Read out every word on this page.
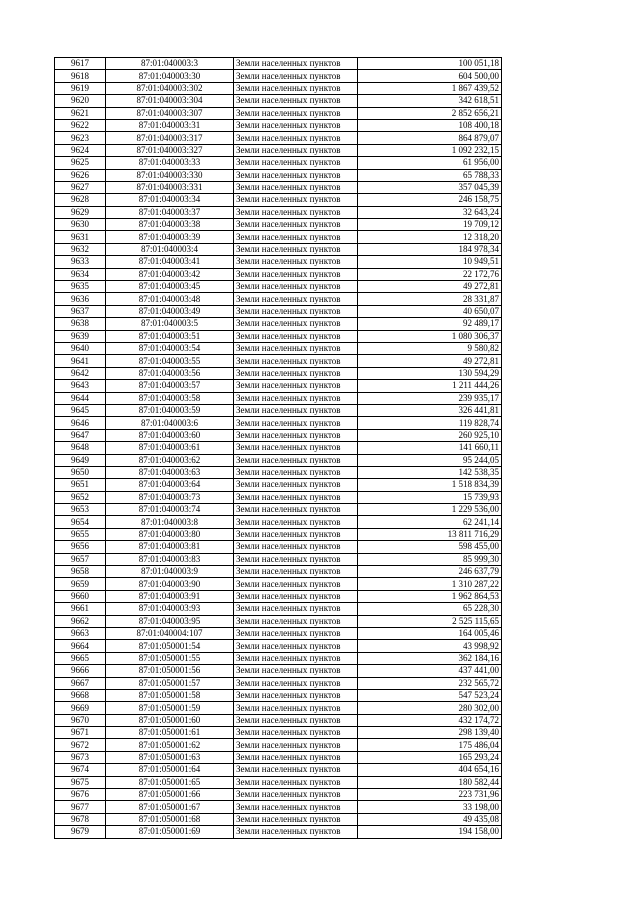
9617	87:01:040003:3	Земли населенных пунктов	100 051,18
9618	87:01:040003:30	Земли населенных пунктов	604 500,00
9619	87:01:040003:302	Земли населенных пунктов	1 867 439,52
9620	87:01:040003:304	Земли населенных пунктов	342 618,51
9621	87:01:040003:307	Земли населенных пунктов	2 852 656,21
9622	87:01:040003:31	Земли населенных пунктов	108 400,18
9623	87:01:040003:317	Земли населенных пунктов	864 879,07
9624	87:01:040003:327	Земли населенных пунктов	1 092 232,15
9625	87:01:040003:33	Земли населенных пунктов	61 956,00
9626	87:01:040003:330	Земли населенных пунктов	65 788,33
9627	87:01:040003:331	Земли населенных пунктов	357 045,39
9628	87:01:040003:34	Земли населенных пунктов	246 158,75
9629	87:01:040003:37	Земли населенных пунктов	32 643,24
9630	87:01:040003:38	Земли населенных пунктов	19 709,12
9631	87:01:040003:39	Земли населенных пунктов	12 318,20
9632	87:01:040003:4	Земли населенных пунктов	184 978,34
9633	87:01:040003:41	Земли населенных пунктов	10 949,51
9634	87:01:040003:42	Земли населенных пунктов	22 172,76
9635	87:01:040003:45	Земли населенных пунктов	49 272,81
9636	87:01:040003:48	Земли населенных пунктов	28 331,87
9637	87:01:040003:49	Земли населенных пунктов	40 650,07
9638	87:01:040003:5	Земли населенных пунктов	92 489,17
9639	87:01:040003:51	Земли населенных пунктов	1 080 306,37
9640	87:01:040003:54	Земли населенных пунктов	9 580,82
9641	87:01:040003:55	Земли населенных пунктов	49 272,81
9642	87:01:040003:56	Земли населенных пунктов	130 594,29
9643	87:01:040003:57	Земли населенных пунктов	1 211 444,26
9644	87:01:040003:58	Земли населенных пунктов	239 935,17
9645	87:01:040003:59	Земли населенных пунктов	326 441,81
9646	87:01:040003:6	Земли населенных пунктов	119 828,74
9647	87:01:040003:60	Земли населенных пунктов	260 925,10
9648	87:01:040003:61	Земли населенных пунктов	141 660,11
9649	87:01:040003:62	Земли населенных пунктов	95 244,05
9650	87:01:040003:63	Земли населенных пунктов	142 538,35
9651	87:01:040003:64	Земли населенных пунктов	1 518 834,39
9652	87:01:040003:73	Земли населенных пунктов	15 739,93
9653	87:01:040003:74	Земли населенных пунктов	1 229 536,00
9654	87:01:040003:8	Земли населенных пунктов	62 241,14
9655	87:01:040003:80	Земли населенных пунктов	13 811 716,29
9656	87:01:040003:81	Земли населенных пунктов	598 455,00
9657	87:01:040003:83	Земли населенных пунктов	85 999,30
9658	87:01:040003:9	Земли населенных пунктов	246 637,79
9659	87:01:040003:90	Земли населенных пунктов	1 310 287,22
9660	87:01:040003:91	Земли населенных пунктов	1 962 864,53
9661	87:01:040003:93	Земли населенных пунктов	65 228,30
9662	87:01:040003:95	Земли населенных пунктов	2 525 115,65
9663	87:01:040004:107	Земли населенных пунктов	164 005,46
9664	87:01:050001:54	Земли населенных пунктов	43 998,92
9665	87:01:050001:55	Земли населенных пунктов	362 184,16
9666	87:01:050001:56	Земли населенных пунктов	437 441,00
9667	87:01:050001:57	Земли населенных пунктов	232 565,72
9668	87:01:050001:58	Земли населенных пунктов	547 523,24
9669	87:01:050001:59	Земли населенных пунктов	280 302,00
9670	87:01:050001:60	Земли населенных пунктов	432 174,72
9671	87:01:050001:61	Земли населенных пунктов	298 139,40
9672	87:01:050001:62	Земли населенных пунктов	175 486,04
9673	87:01:050001:63	Земли населенных пунктов	165 293,24
9674	87:01:050001:64	Земли населенных пунктов	404 654,16
9675	87:01:050001:65	Земли населенных пунктов	180 582,44
9676	87:01:050001:66	Земли населенных пунктов	223 731,96
9677	87:01:050001:67	Земли населенных пунктов	33 198,00
9678	87:01:050001:68	Земли населенных пунктов	49 435,08
9679	87:01:050001:69	Земли населенных пунктов	194 158,00
